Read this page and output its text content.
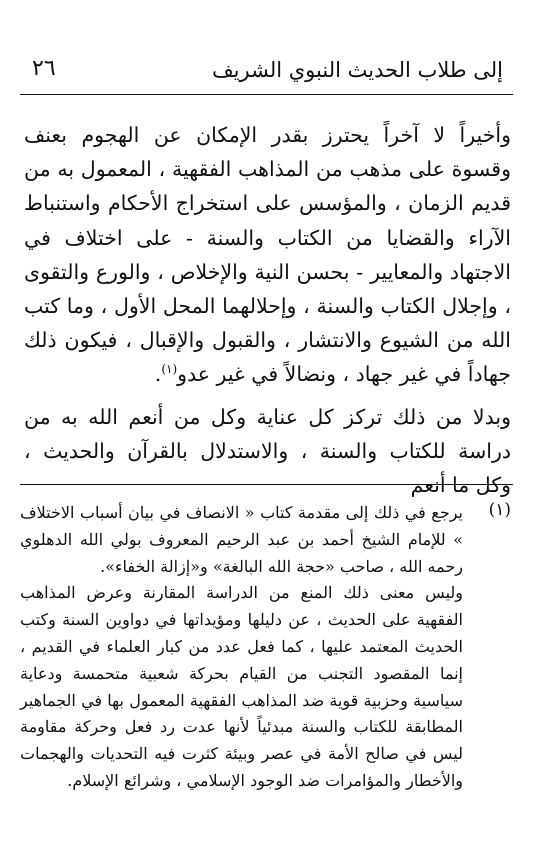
إلى طلاب الحديث النبوي الشريف
٢٦

وأخيراً لا آخراً يحترز بقدر الإمكان عن الهجوم بعنف وقسوة على مذهب من المذاهب الفقهية ، المعمول به من قديم الزمان ، والمؤسس على استخراج الأحكام واستنباط الآراء والقضايا من الكتاب والسنة - على اختلاف في الاجتهاد والمعايير - بحسن النية والإخلاص ، والورع والتقوى ، وإجلال الكتاب والسنة ، وإحلالهما المحل الأول ، وما كتب الله من الشيوع والانتشار ، والقبول والإقبال ، فيكون ذلك جهاداً في غير جهاد ، ونضالاً في غير عدو$^{(١)}$.

وبدلا من ذلك تركز كل عناية وكل من أنعم الله به من دراسة للكتاب والسنة ، والاستدلال بالقرآن والحديث ، وكل ما أنعم

(١)

يرجع في ذلك إلى مقدمة كتاب « الانصاف في بيان أسباب الاختلاف » للإمام الشيخ أحمد بن عبد الرحيم المعروف بولي الله الدهلوي رحمه الله ، صاحب «حجة الله البالغة» و«إزالة الخفاء».

وليس معنى ذلك المنع من الدراسة المقارنة وعرض المذاهب الفقهية على الحديث ، عن دليلها ومؤيداتها في دواوين السنة وكتب الحديث المعتمد عليها ، كما فعل عدد من كبار العلماء في القديم ، إنما المقصود التجنب من القيام بحركة شعبية متحمسة ودعاية سياسية وحزبية قوية ضد المذاهب الفقهية المعمول بها في الجماهير المطابقة للكتاب والسنة مبدئياً لأنها عدت رد فعل وحركة مقاومة ليس في صالح الأمة في عصر وبيئة كثرت فيه التحديات والهجمات والأخطار والمؤامرات ضد الوجود الإسلامي ، وشرائع الإسلام.
